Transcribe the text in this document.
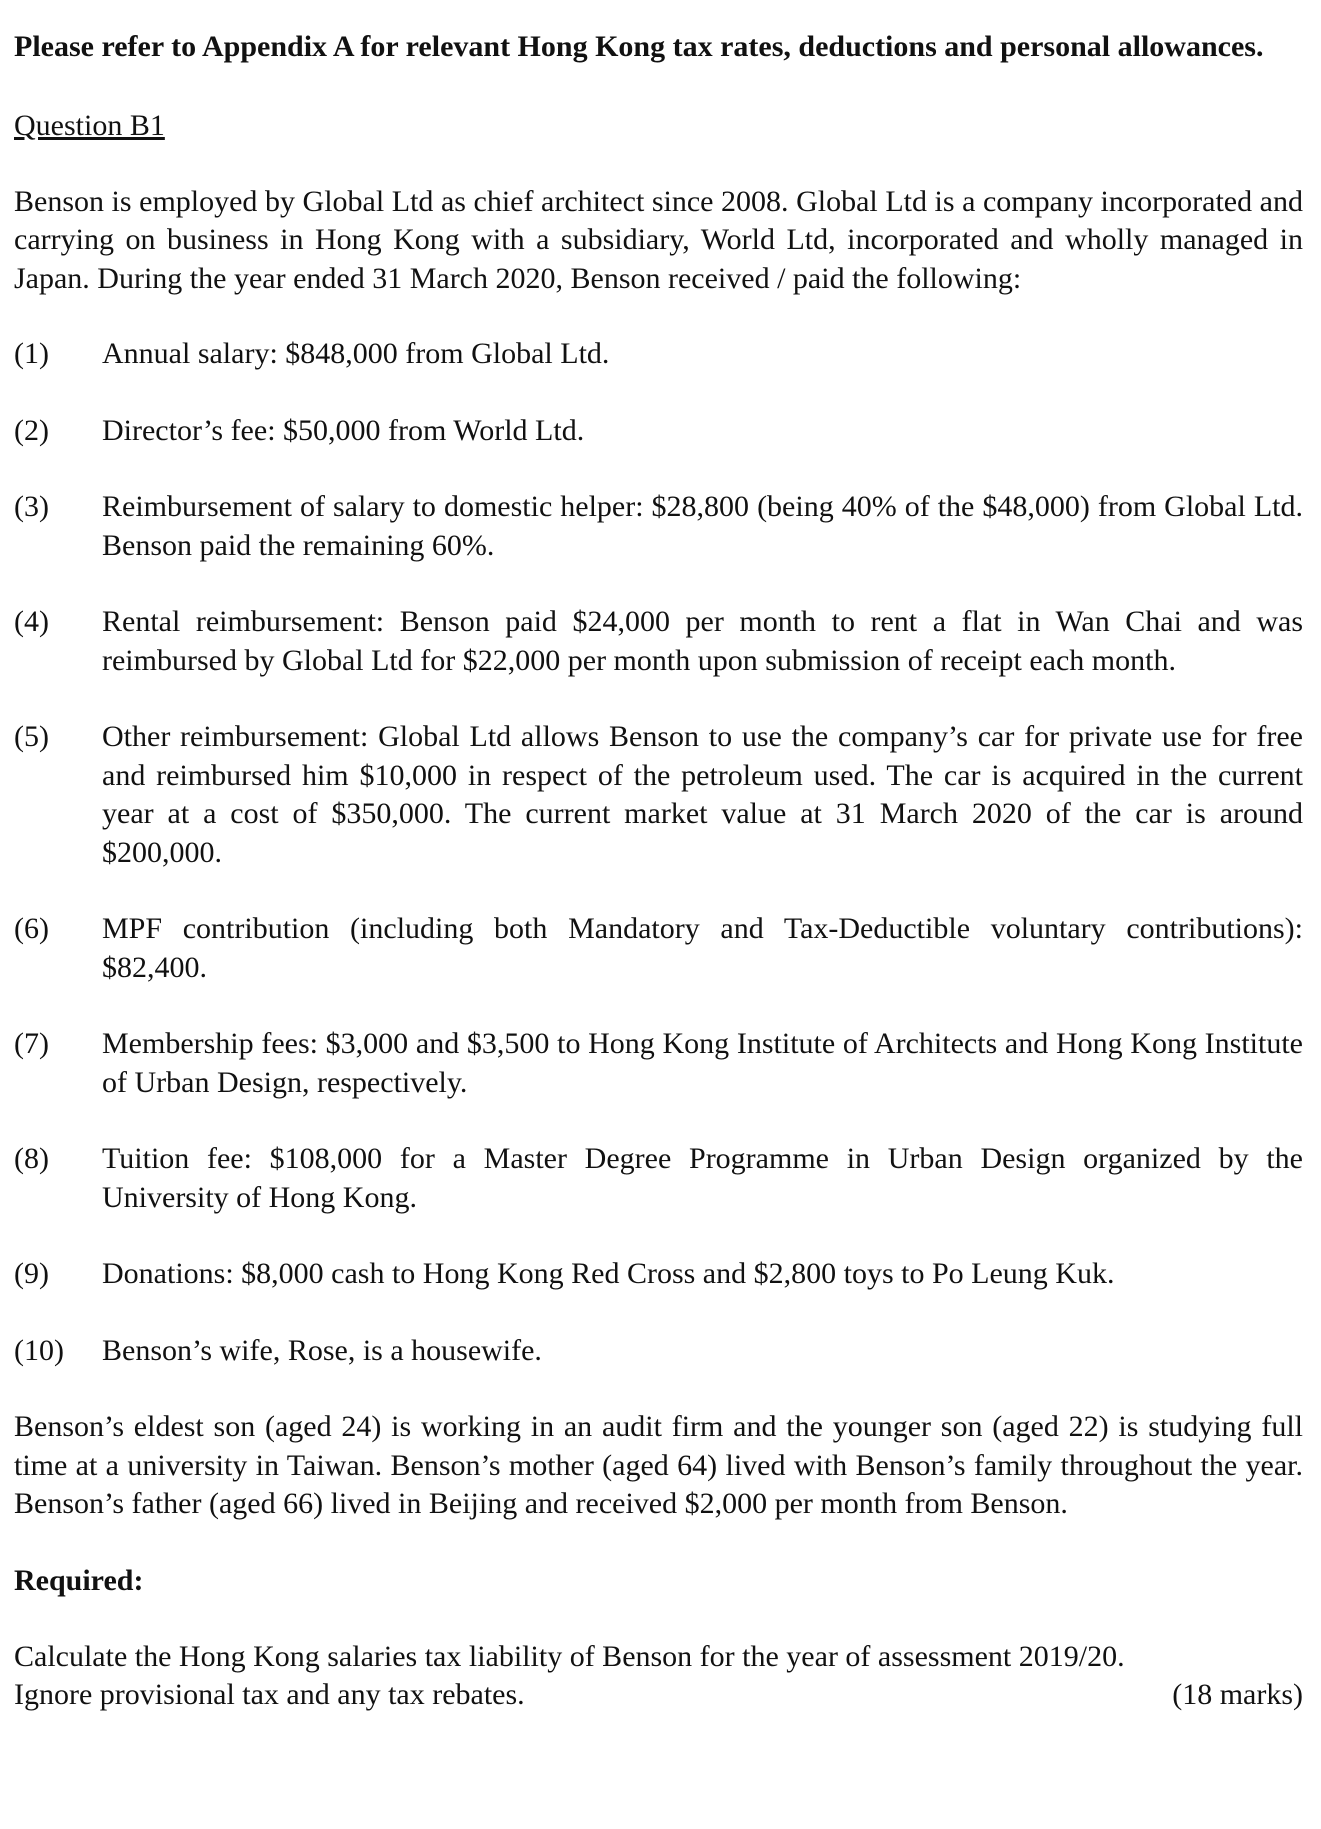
Please refer to Appendix A for relevant Hong Kong tax rates, deductions and personal allowances.

Question B1

Benson is employed by Global Ltd as chief architect since 2008. Global Ltd is a company incorporated and carrying on business in Hong Kong with a subsidiary, World Ltd, incorporated and wholly managed in Japan. During the year ended 31 March 2020, Benson received / paid the following:

(1)	Annual salary: $848,000 from Global Ltd.
(2)	Director’s fee: $50,000 from World Ltd.
(3)	Reimbursement of salary to domestic helper: $28,800 (being 40% of the $48,000) from Global Ltd. Benson paid the remaining 60%.
(4)	Rental reimbursement: Benson paid $24,000 per month to rent a flat in Wan Chai and was reimbursed by Global Ltd for $22,000 per month upon submission of receipt each month.
(5)	Other reimbursement: Global Ltd allows Benson to use the company’s car for private use for free and reimbursed him $10,000 in respect of the petroleum used. The car is acquired in the current year at a cost of $350,000. The current market value at 31 March 2020 of the car is around $200,000.
(6)	MPF contribution (including both Mandatory and Tax-Deductible voluntary contributions): $82,400.
(7)	Membership fees: $3,000 and $3,500 to Hong Kong Institute of Architects and Hong Kong Institute of Urban Design, respectively.
(8)	Tuition fee: $108,000 for a Master Degree Programme in Urban Design organized by the University of Hong Kong.
(9)	Donations: $8,000 cash to Hong Kong Red Cross and $2,800 toys to Po Leung Kuk.
(10)	Benson’s wife, Rose, is a housewife.

Benson’s eldest son (aged 24) is working in an audit firm and the younger son (aged 22) is studying full time at a university in Taiwan. Benson’s mother (aged 64) lived with Benson’s family throughout the year. Benson’s father (aged 66) lived in Beijing and received $2,000 per month from Benson.

Required:

Calculate the Hong Kong salaries tax liability of Benson for the year of assessment 2019/20.

Ignore provisional tax and any tax rebates.	(18 marks)
